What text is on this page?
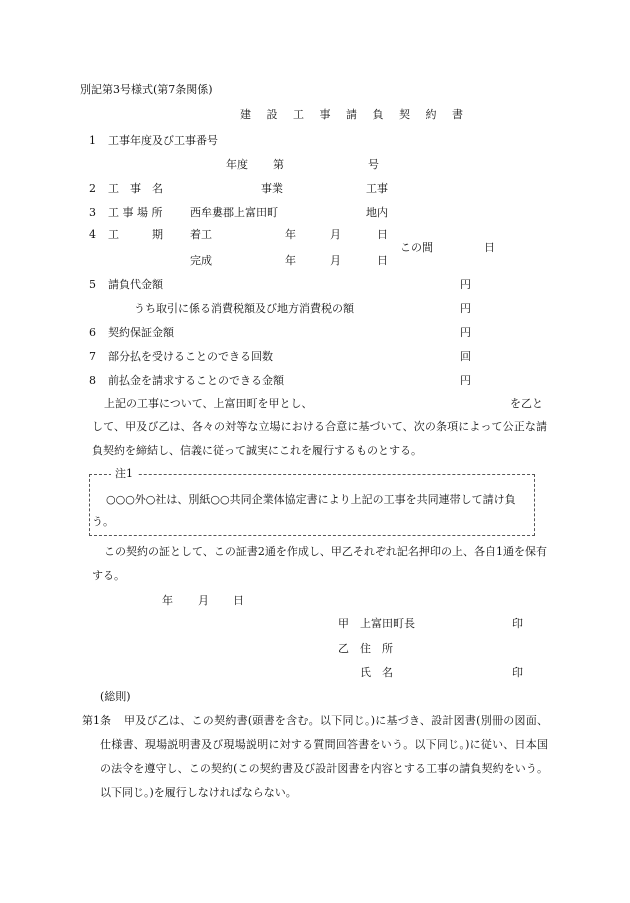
別記第3号様式(第7条関係)
建 設 工 事 請 負 契 約 書
1 工事年度及び工事番号
年度 第	号
2 工　事　名	事業	工事
3 工 事 場 所	西牟婁郡上富田町	地内
4 工　　　期 着工	年	月	日
この間	日
完成	年	月	日
5 請負代金額	円
うち取引に係る消費税額及び地方消費税の額	円
6 契約保証金額	円
7 部分払を受けることのできる回数	回
8 前払金を請求することのできる金額	円
上記の工事について、上富田町を甲とし、	を乙と
して、甲及び乙は、各々の対等な立場における合意に基づいて、次の条項によって公正な請負契約を締結し、信義に従って誠実にこれを履行するものとする。
注1
○○○外○社は、別紙○○共同企業体協定書により上記の工事を共同連帯して請け負う。
この契約の証として、この証書2通を作成し、甲乙それぞれ記名押印の上、各自1通を保有する。
年 月 日
甲 上富田町長	印
乙 住　所
氏　名	印
(総則)
第1条	甲及び乙は、この契約書(頭書を含む。以下同じ。)に基づき、設計図書(別冊の図面、仕様書、現場説明書及び現場説明に対する質問回答書をいう。以下同じ。)に従い、日本国の法令を遵守し、この契約(この契約書及び設計図書を内容とする工事の請負契約をいう。以下同じ。)を履行しなければならない。
